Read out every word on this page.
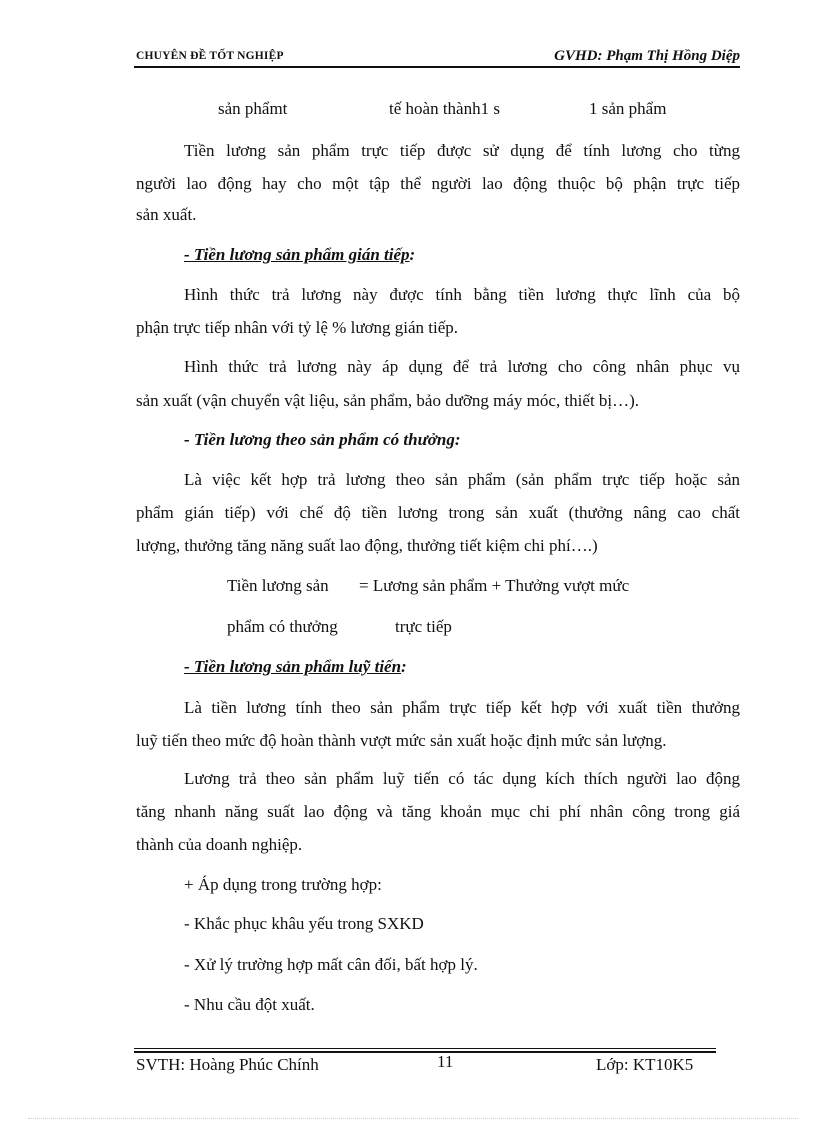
CHUYÊN ĐỀ TỐT NGHIỆP	GVHD: Phạm Thị Hồng Diệp
sản phẩmt	tế hoàn thành1 s	1 sản phẩm
Tiền lương sản phẩm trực tiếp được sử dụng để tính lương cho từng
người lao động hay cho một tập thể người lao động thuộc bộ phận trực tiếp
sản xuất.
- Tiền lương sản phẩm gián tiếp:
Hình thức trả lương này được tính bằng tiền lương thực lĩnh của bộ
phận trực tiếp nhân với tỷ lệ % lương gián tiếp.
Hình thức trả lương này áp dụng để trả lương cho công nhân phục vụ
sản xuất (vận chuyển vật liệu, sản phẩm, bảo dưỡng máy móc, thiết bị…).
- Tiền lương theo sản phẩm có thưởng:
Là việc kết hợp trả lương theo sản phẩm (sản phẩm trực tiếp hoặc sản
phẩm gián tiếp) với chế độ tiền lương trong sản xuất (thưởng nâng cao chất
lượng, thưởng tăng năng suất lao động, thưởng tiết kiệm chi phí….)
Tiền lương sản = Lương sản phẩm + Thưởng vượt mức
phẩm có thưởng	trực tiếp
- Tiền lương sản phẩm luỹ tiến:
Là tiền lương tính theo sản phẩm trực tiếp kết hợp với xuất tiền thưởng
luỹ tiến theo mức độ hoàn thành vượt mức sản xuất hoặc định mức sản lượng.
Lương trả theo sản phẩm luỹ tiến có tác dụng kích thích người lao động
tăng nhanh năng suất lao động và tăng khoản mục chi phí nhân công trong giá
thành của doanh nghiệp.
+ Áp dụng trong trường hợp:
- Khắc phục khâu yếu trong SXKD
- Xử lý trường hợp mất cân đối, bất hợp lý.
- Nhu cầu đột xuất.
SVTH: Hoàng Phúc Chính	11	Lớp: KT10K5
